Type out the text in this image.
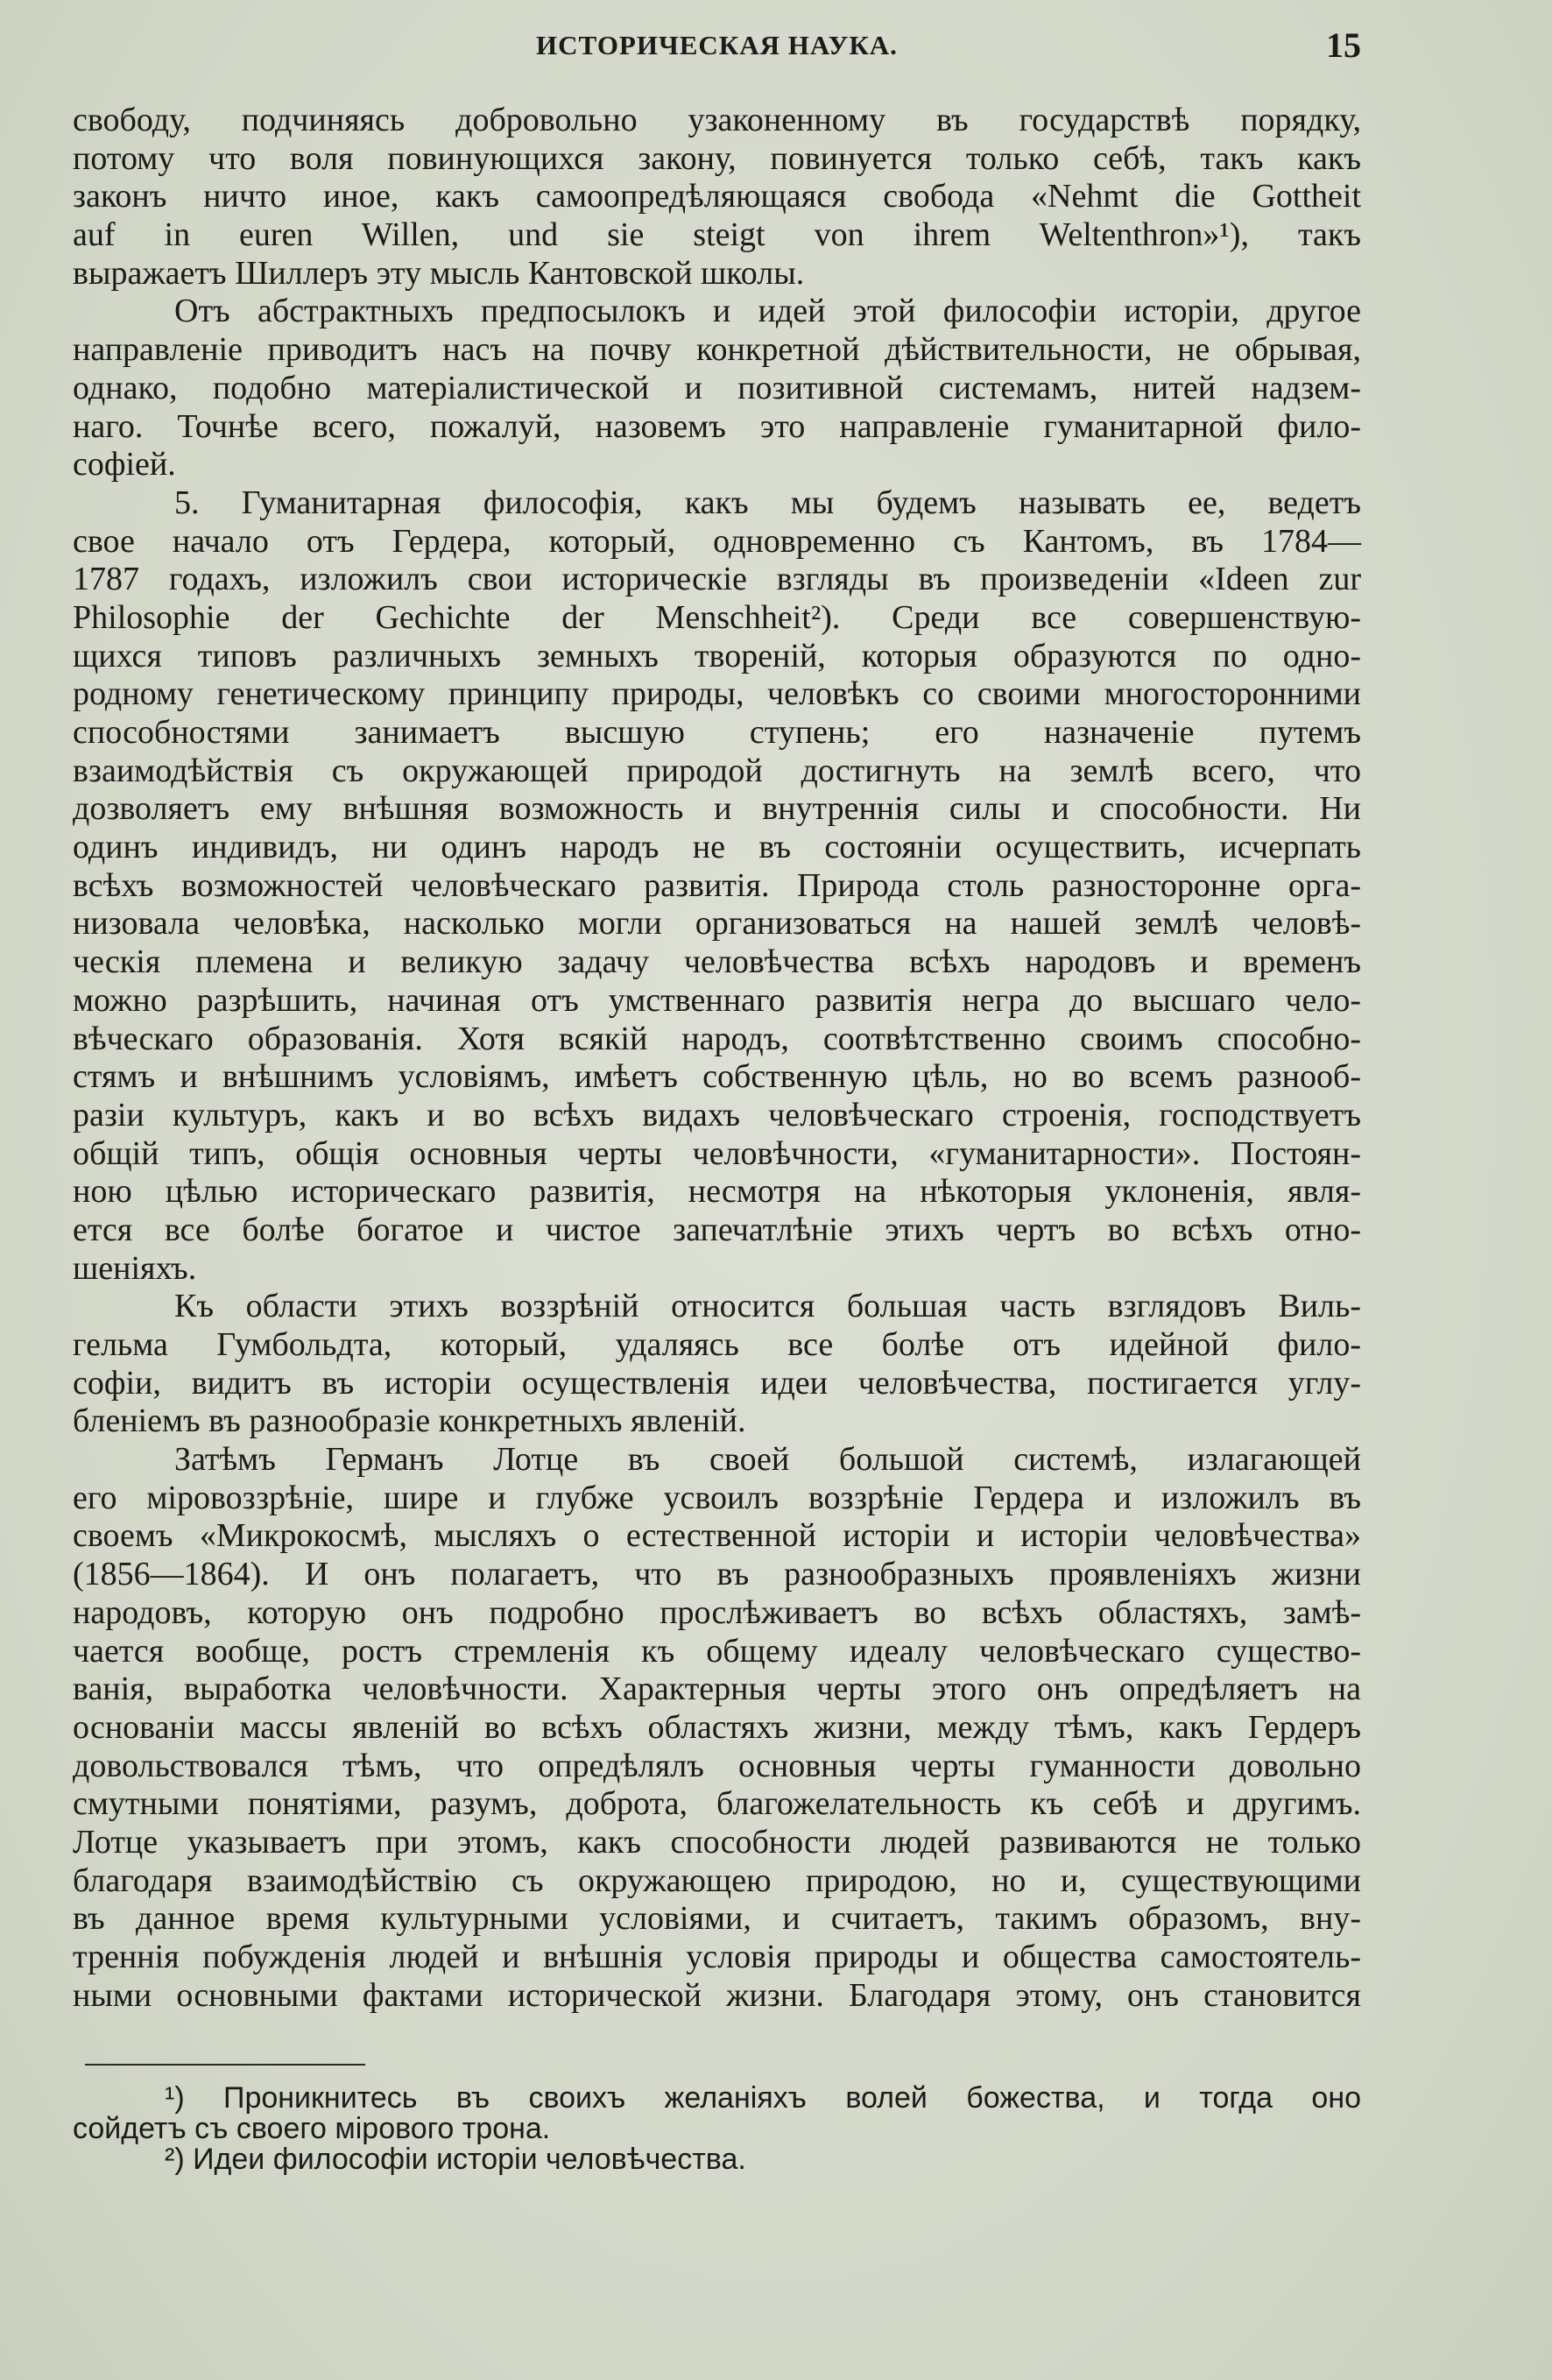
ИСТОРИЧЕСКАЯ НАУКА.	15
свободу, подчиняясь добровольно узаконенному въ государствѣ порядку,
потому что воля повинующихся закону, повинуется только себѣ, такъ какъ
законъ ничто иное, какъ самоопредѣляющаяся свобода «Nehmt die Gottheit
auf in euren Willen, und sie steigt von ihrem Weltenthron»¹), такъ
выражаетъ Шиллеръ эту мысль Кантовской школы.
Отъ абстрактныхъ предпосылокъ и идей этой философіи исторіи, другое
направленіе приводитъ насъ на почву конкретной дѣйствительности, не обрывая,
однако, подобно матеріалистической и позитивной системамъ, нитей надзем-
наго. Точнѣе всего, пожалуй, назовемъ это направленіе гуманитарной фило-
софіей.
5. Гуманитарная философія, какъ мы будемъ называть ее, ведетъ
свое начало отъ Гердера, который, одновременно съ Кантомъ, въ 1784—
1787 годахъ, изложилъ свои историческіе взгляды въ произведеніи «Ideen zur
Philosophie der Gechichte der Menschheit²). Среди все совершенствую-
щихся типовъ различныхъ земныхъ твореній, которыя образуются по одно-
родному генетическому принципу природы, человѣкъ со своими многосторонними
способностями занимаетъ высшую ступень; его назначеніе путемъ
взаимодѣйствія съ окружающей природой достигнуть на землѣ всего, что
дозволяетъ ему внѣшняя возможность и внутреннія силы и способности. Ни
одинъ индивидъ, ни одинъ народъ не въ состояніи осуществить, исчерпать
всѣхъ возможностей человѣческаго развитія. Природа столь разносторонне орга-
низовала человѣка, насколько могли организоваться на нашей землѣ человѣ-
ческія племена и великую задачу человѣчества всѣхъ народовъ и временъ
можно разрѣшить, начиная отъ умственнаго развитія негра до высшаго чело-
вѣческаго образованія. Хотя всякій народъ, соотвѣтственно своимъ способно-
стямъ и внѣшнимъ условіямъ, имѣетъ собственную цѣль, но во всемъ разнооб-
разіи культуръ, какъ и во всѣхъ видахъ человѣческаго строенія, господствуетъ
общій типъ, общія основныя черты человѣчности, «гуманитарности». Постоян-
ною цѣлью историческаго развитія, несмотря на нѣкоторыя уклоненія, явля-
ется все болѣе богатое и чистое запечатлѣніе этихъ чертъ во всѣхъ отно-
шеніяхъ.
Къ области этихъ воззрѣній относится большая часть взглядовъ Виль-
гельма Гумбольдта, который, удаляясь все болѣе отъ идейной фило-
софіи, видитъ въ исторіи осуществленія идеи человѣчества, постигается углу-
бленіемъ въ разнообразіе конкретныхъ явленій.
Затѣмъ Германъ Лотце въ своей большой системѣ, излагающей
его міровоззрѣніе, шире и глубже усвоилъ воззрѣніе Гердера и изложилъ въ
своемъ «Микрокосмѣ, мысляхъ о естественной исторіи и исторіи человѣчества»
(1856—1864). И онъ полагаетъ, что въ разнообразныхъ проявленіяхъ жизни
народовъ, которую онъ подробно прослѣживаетъ во всѣхъ областяхъ, замѣ-
чается вообще, ростъ стремленія къ общему идеалу человѣческаго существо-
ванія, выработка человѣчности. Характерныя черты этого онъ опредѣляетъ на
основаніи массы явленій во всѣхъ областяхъ жизни, между тѣмъ, какъ Гердеръ
довольствовался тѣмъ, что опредѣлялъ основныя черты гуманности довольно
смутными понятіями, разумъ, доброта, благожелательность къ себѣ и другимъ.
Лотце указываетъ при этомъ, какъ способности людей развиваются не только
благодаря взаимодѣйствію съ окружающею природою, но и, существующими
въ данное время культурными условіями, и считаетъ, такимъ образомъ, вну-
треннія побужденія людей и внѣшнія условія природы и общества самостоятель-
ными основными фактами исторической жизни. Благодаря этому, онъ становится
¹) Проникнитесь въ своихъ желаніяхъ волей божества, и тогда оно
сойдетъ съ своего мірового трона.
²) Идеи философіи исторіи человѣчества.
